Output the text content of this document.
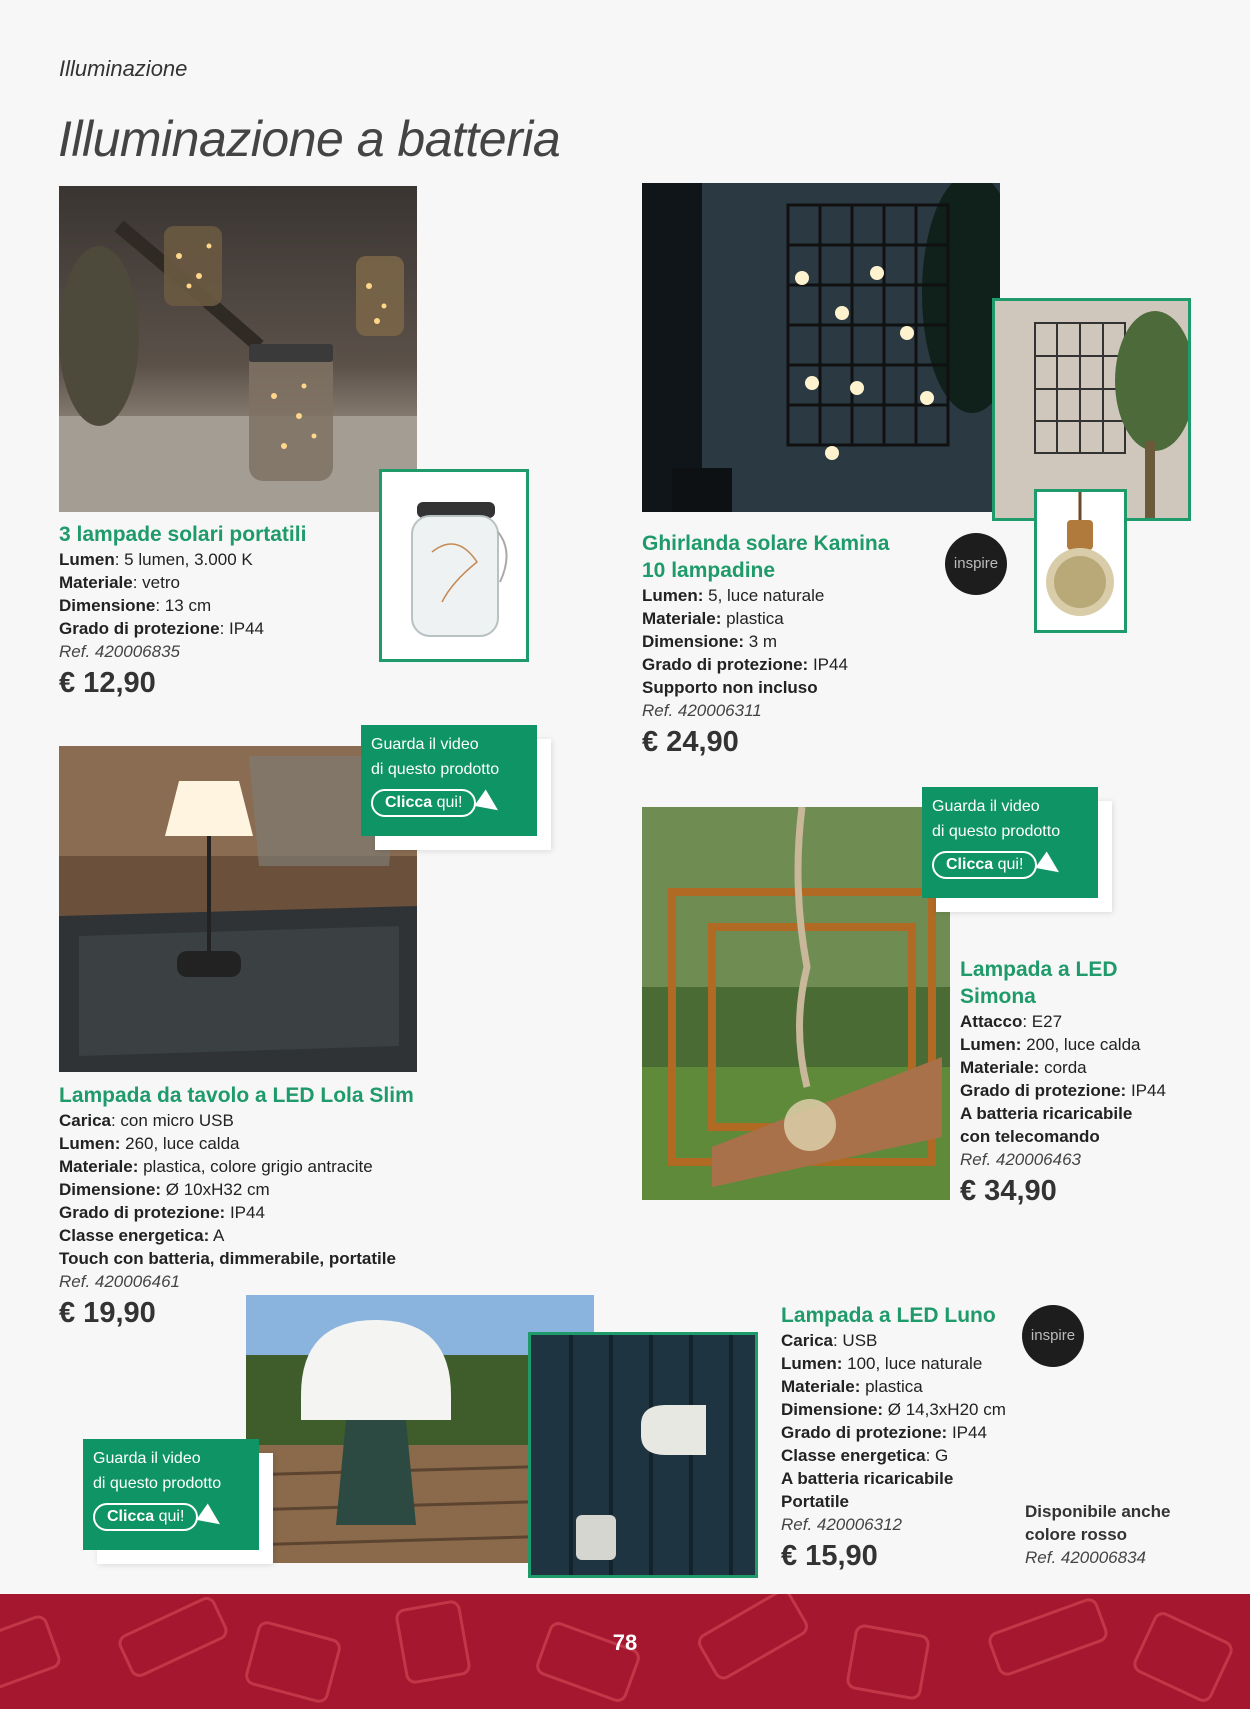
Illuminazione
Illuminazione a batteria

3 lampade solari portatili

Lumen: 5 lumen, 3.000 K
Materiale: vetro
Dimensione: 13 cm
Grado di protezione: IP44
Ref. 420006835
€ 12,90
inspire

Ghirlanda solare Kamina
10 lampadine

Lumen: 5, luce naturale
Materiale: plastica
Dimensione: 3 m
Grado di protezione: IP44
Supporto non incluso
Ref. 420006311
€ 24,90
Guarda il video
di questo prodotto
Clicca qui!

Lampada da tavolo a LED Lola Slim

Carica: con micro USB
Lumen: 260, luce calda
Materiale: plastica, colore grigio antracite
Dimensione: Ø 10xH32 cm
Grado di protezione: IP44
Classe energetica: A
Touch con batteria, dimmerabile, portatile
Ref. 420006461
€ 19,90
Guarda il video
di questo prodotto
Clicca qui!

Lampada a LED
Simona

Attacco: E27
Lumen: 200, luce calda
Materiale: corda
Grado di protezione: IP44
A batteria ricaricabile
con telecomando
Ref. 420006463
€ 34,90
Guarda il video
di questo prodotto
Clicca qui!
inspire

Lampada a LED Luno

Carica: USB
Lumen: 100, luce naturale
Materiale: plastica
Dimensione: Ø 14,3xH20 cm
Grado di protezione: IP44
Classe energetica: G
A batteria ricaricabile
Portatile
Ref. 420006312
€ 15,90
Disponibile anche
colore rosso
Ref. 420006834
78
